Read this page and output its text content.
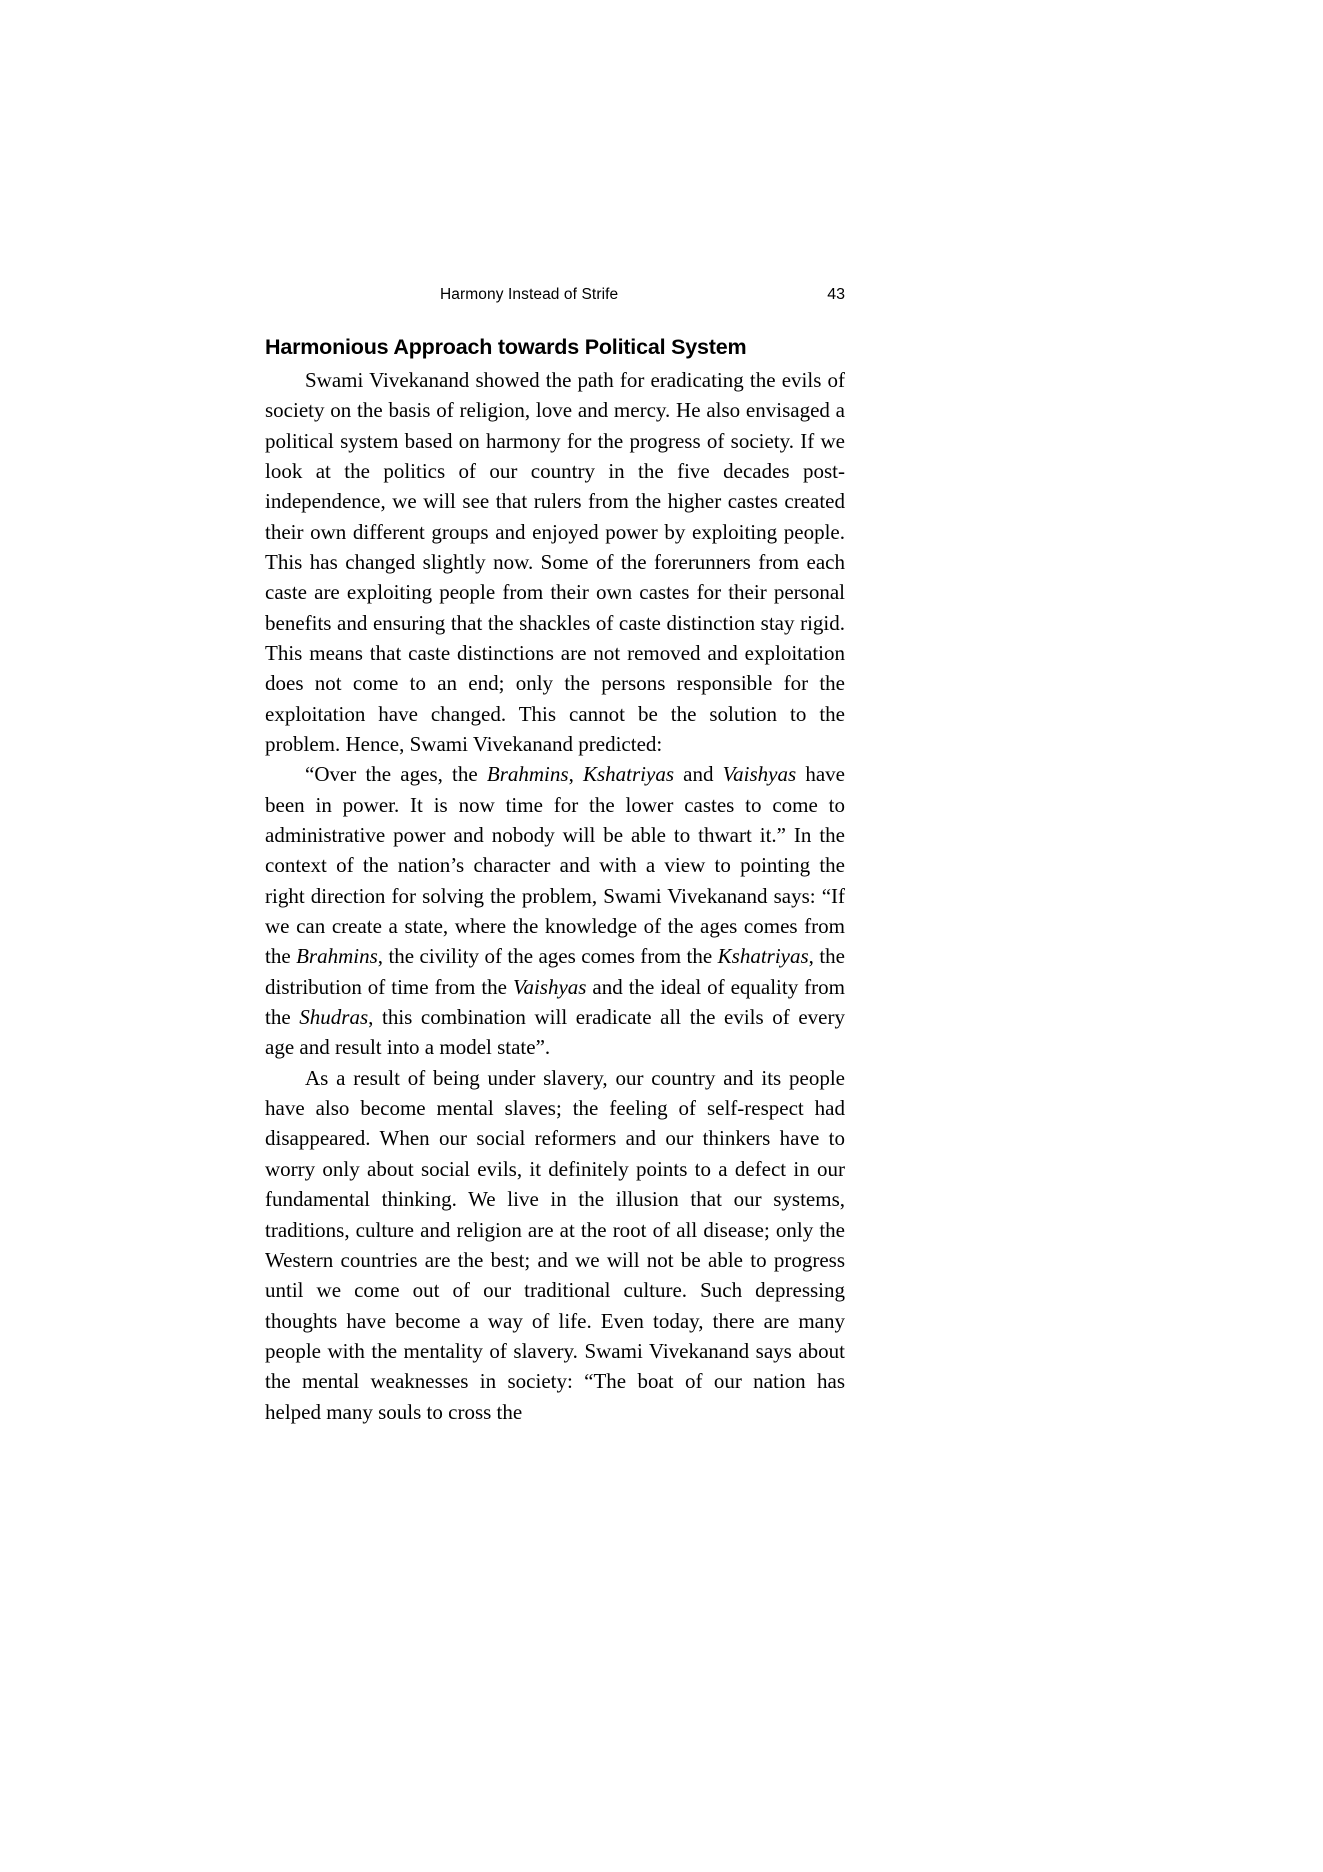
Harmony Instead of Strife	43
Harmonious Approach towards Political System

Swami Vivekanand showed the path for eradicating the evils of society on the basis of religion, love and mercy. He also envisaged a political system based on harmony for the progress of society. If we look at the politics of our country in the five decades post-independence, we will see that rulers from the higher castes created their own different groups and enjoyed power by exploiting people. This has changed slightly now. Some of the forerunners from each caste are exploiting people from their own castes for their personal benefits and ensuring that the shackles of caste distinction stay rigid. This means that caste distinctions are not removed and exploitation does not come to an end; only the persons responsible for the exploitation have changed. This cannot be the solution to the problem. Hence, Swami Vivekanand predicted:

“Over the ages, the Brahmins, Kshatriyas and Vaishyas have been in power. It is now time for the lower castes to come to administrative power and nobody will be able to thwart it.” In the context of the nation’s character and with a view to pointing the right direction for solving the problem, Swami Vivekanand says: “If we can create a state, where the knowledge of the ages comes from the Brahmins, the civility of the ages comes from the Kshatriyas, the distribution of time from the Vaishyas and the ideal of equality from the Shudras, this combination will eradicate all the evils of every age and result into a model state”.

As a result of being under slavery, our country and its people have also become mental slaves; the feeling of self-respect had disappeared. When our social reformers and our thinkers have to worry only about social evils, it definitely points to a defect in our fundamental thinking. We live in the illusion that our systems, traditions, culture and religion are at the root of all disease; only the Western countries are the best; and we will not be able to progress until we come out of our traditional culture. Such depressing thoughts have become a way of life. Even today, there are many people with the mentality of slavery. Swami Vivekanand says about the mental weaknesses in society: “The boat of our nation has helped many souls to cross the
